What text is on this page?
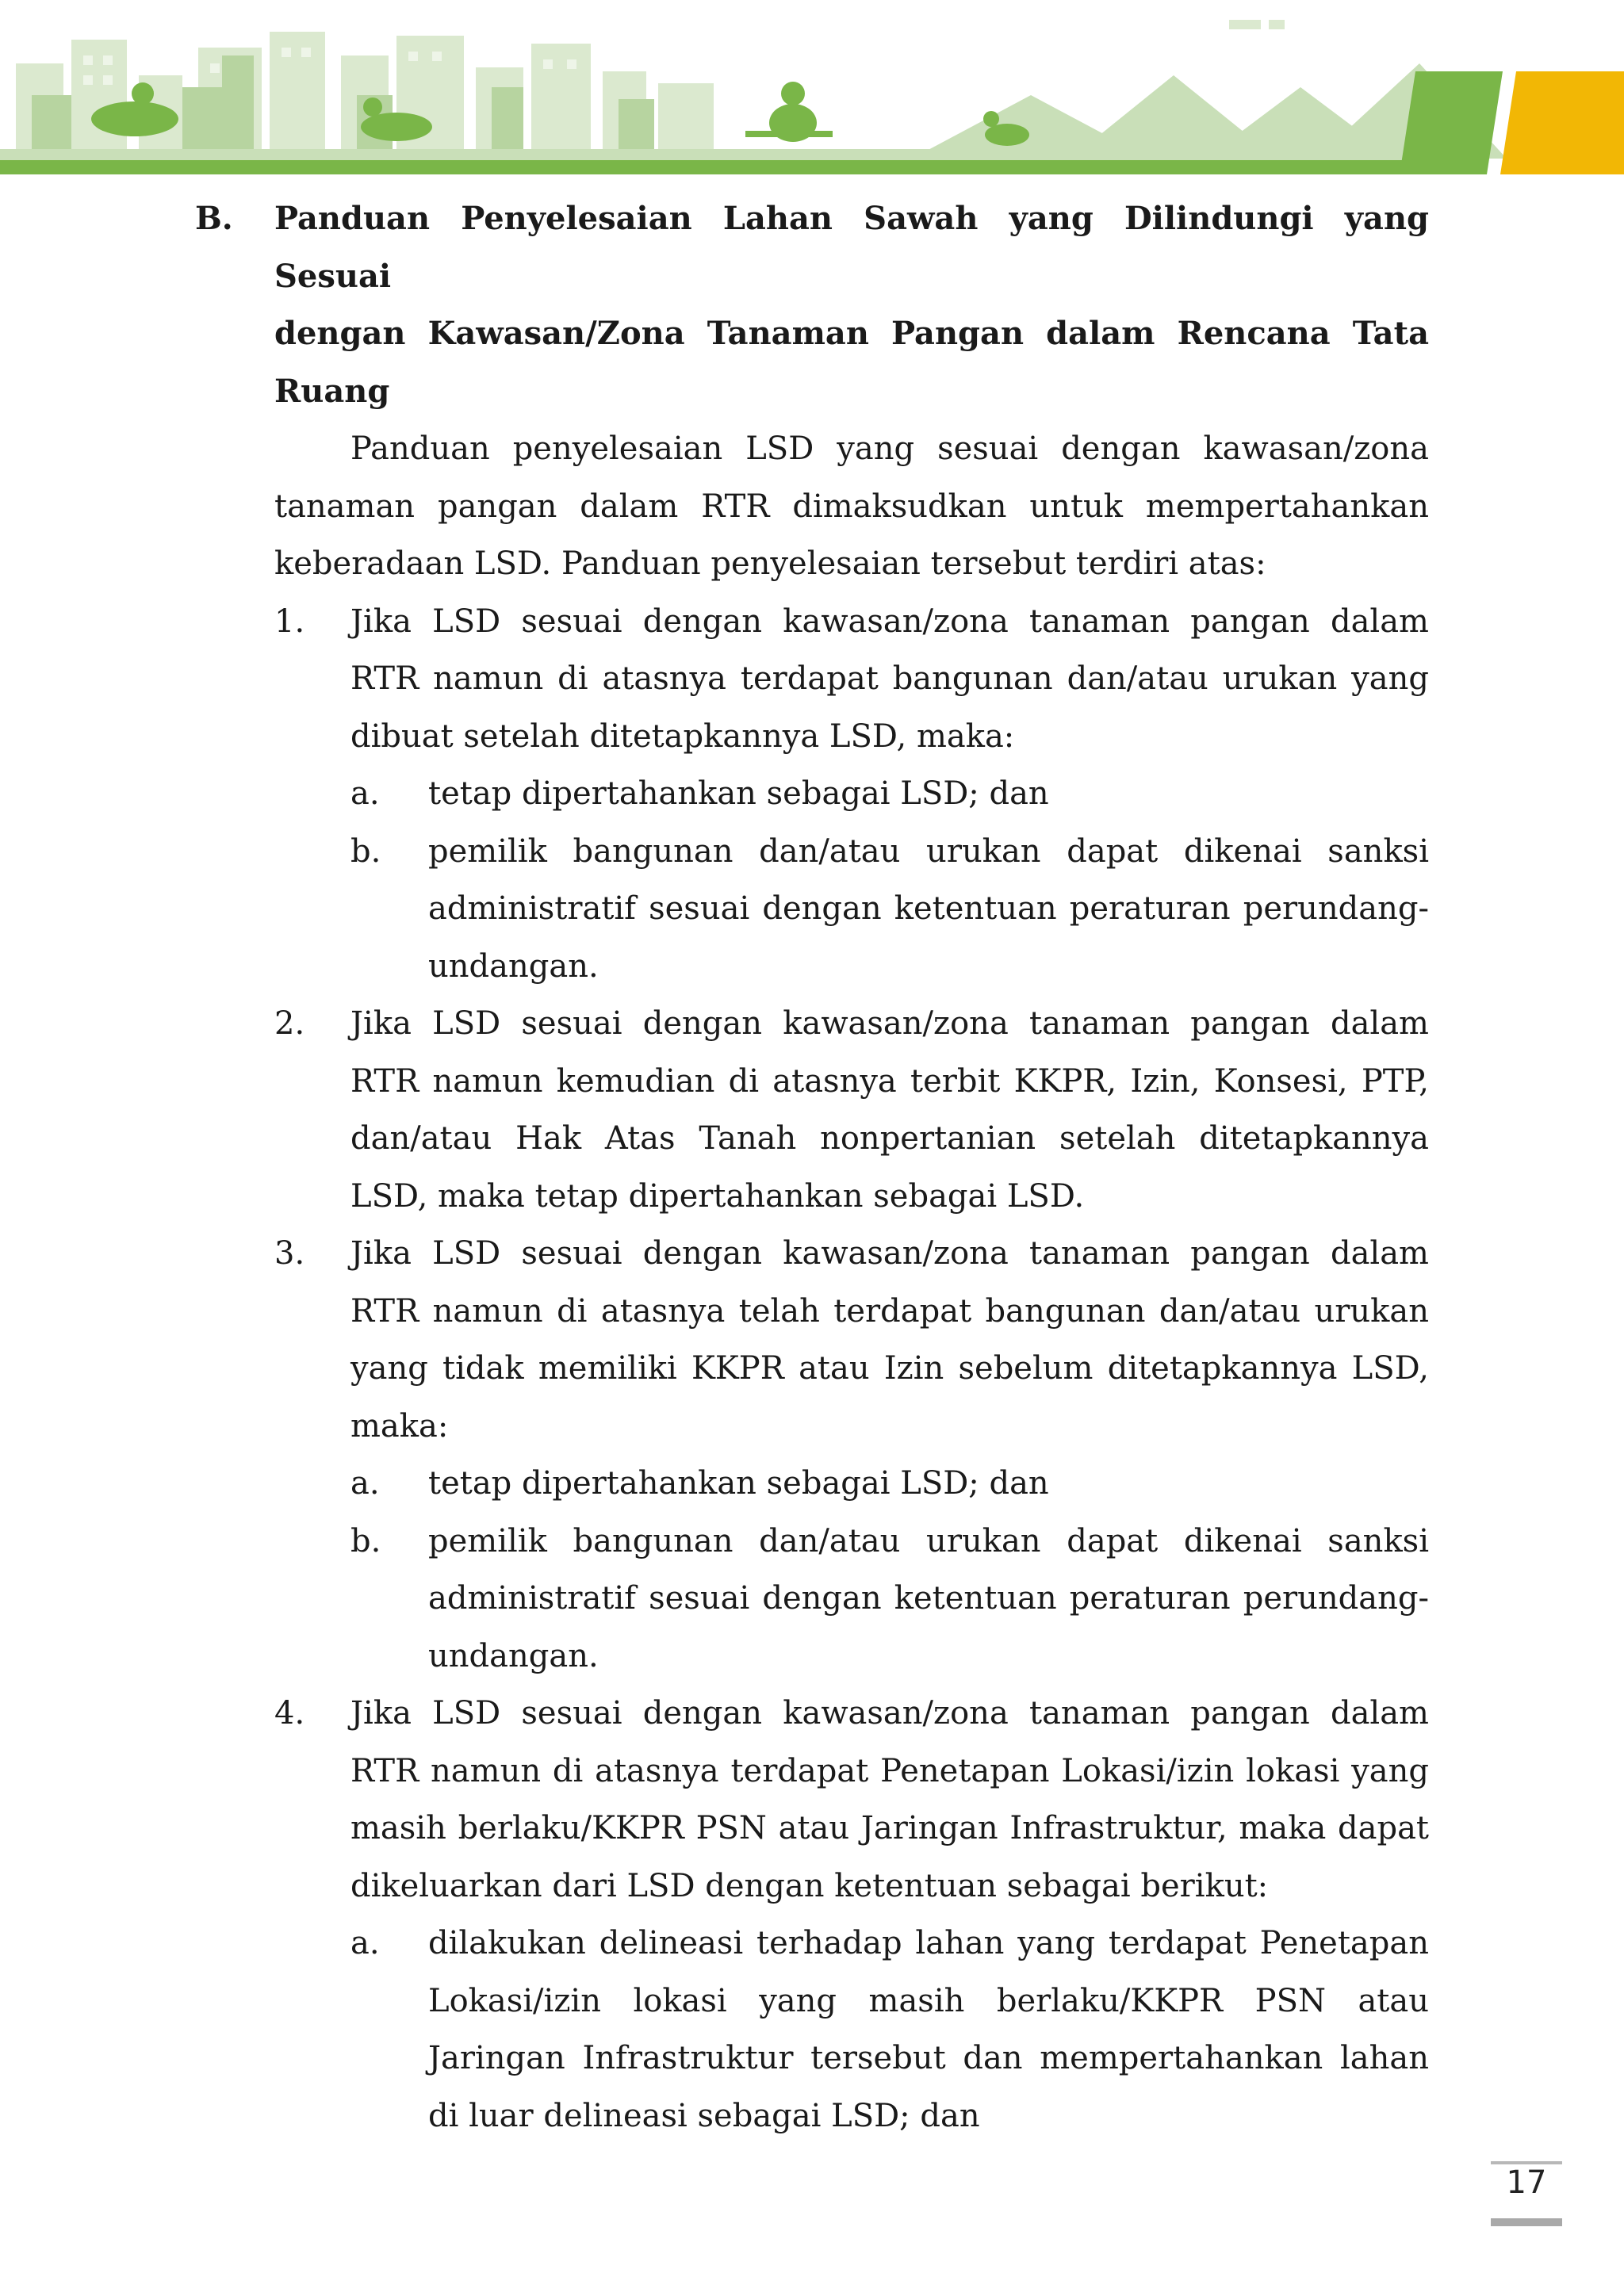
B. Panduan Penyelesaian Lahan Sawah yang Dilindungi yang Sesuai
dengan Kawasan/Zona Tanaman Pangan dalam Rencana Tata Ruang
Panduan penyelesaian LSD yang sesuai dengan kawasan/zona tanaman pangan dalam RTR dimaksudkan untuk mempertahankan keberadaan LSD. Panduan penyelesaian tersebut terdiri atas:
1. Jika LSD sesuai dengan kawasan/zona tanaman pangan dalam RTR namun di atasnya terdapat bangunan dan/atau urukan yang dibuat setelah ditetapkannya LSD, maka:
a. tetap dipertahankan sebagai LSD; dan
b. pemilik bangunan dan/atau urukan dapat dikenai sanksi administratif sesuai dengan ketentuan peraturan perundang-undangan.
2. Jika LSD sesuai dengan kawasan/zona tanaman pangan dalam RTR namun kemudian di atasnya terbit KKPR, Izin, Konsesi, PTP, dan/atau Hak Atas Tanah nonpertanian setelah ditetapkannya LSD, maka tetap dipertahankan sebagai LSD.
3. Jika LSD sesuai dengan kawasan/zona tanaman pangan dalam RTR namun di atasnya telah terdapat bangunan dan/atau urukan yang tidak memiliki KKPR atau Izin sebelum ditetapkannya LSD, maka:
a. tetap dipertahankan sebagai LSD; dan
b. pemilik bangunan dan/atau urukan dapat dikenai sanksi administratif sesuai dengan ketentuan peraturan perundang-undangan.
4. Jika LSD sesuai dengan kawasan/zona tanaman pangan dalam RTR namun di atasnya terdapat Penetapan Lokasi/izin lokasi yang masih berlaku/KKPR PSN atau Jaringan Infrastruktur, maka dapat dikeluarkan dari LSD dengan ketentuan sebagai berikut:
a. dilakukan delineasi terhadap lahan yang terdapat Penetapan Lokasi/izin lokasi yang masih berlaku/KKPR PSN atau Jaringan Infrastruktur tersebut dan mempertahankan lahan di luar delineasi sebagai LSD; dan
17
